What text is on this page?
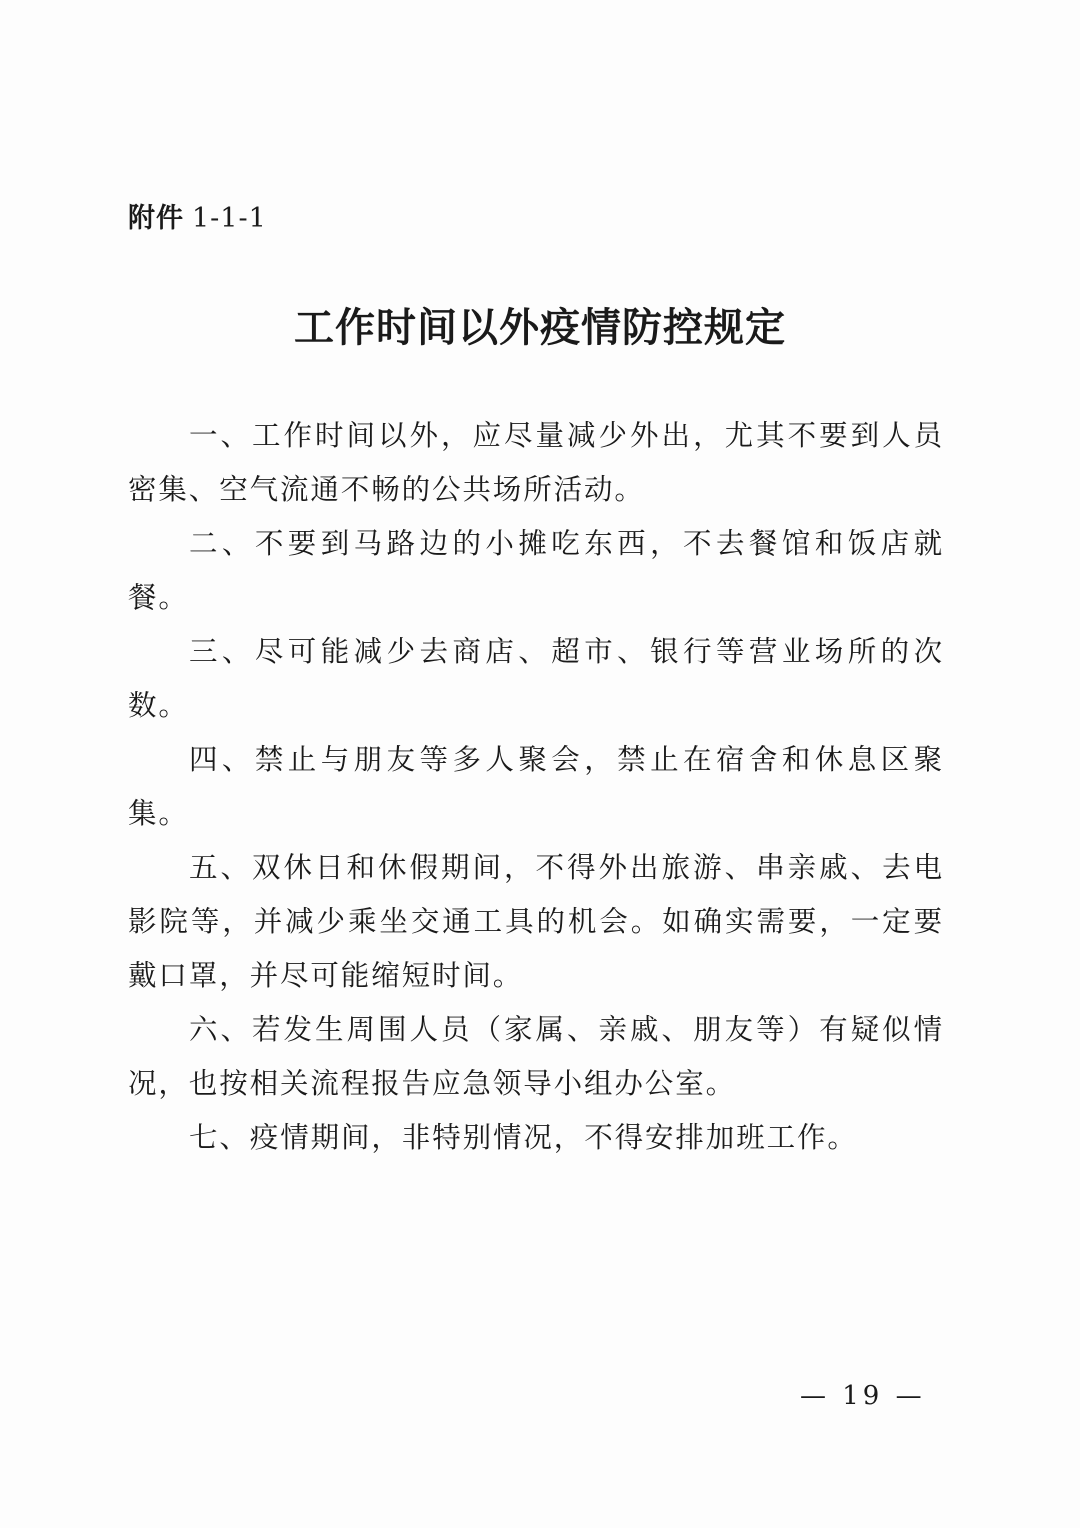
附件 1-1-1
工作时间以外疫情防控规定

一、工作时间以外，应尽量减少外出，尤其不要到人员密集、空气流通不畅的公共场所活动。

二、不要到马路边的小摊吃东西，不去餐馆和饭店就餐。

三、尽可能减少去商店、超市、银行等营业场所的次数。

四、禁止与朋友等多人聚会，禁止在宿舍和休息区聚集。

五、双休日和休假期间，不得外出旅游、串亲戚、去电影院等，并减少乘坐交通工具的机会。如确实需要，一定要戴口罩，并尽可能缩短时间。

六、若发生周围人员（家属、亲戚、朋友等）有疑似情况，也按相关流程报告应急领导小组办公室。

七、疫情期间，非特别情况，不得安排加班工作。

— 19 —
